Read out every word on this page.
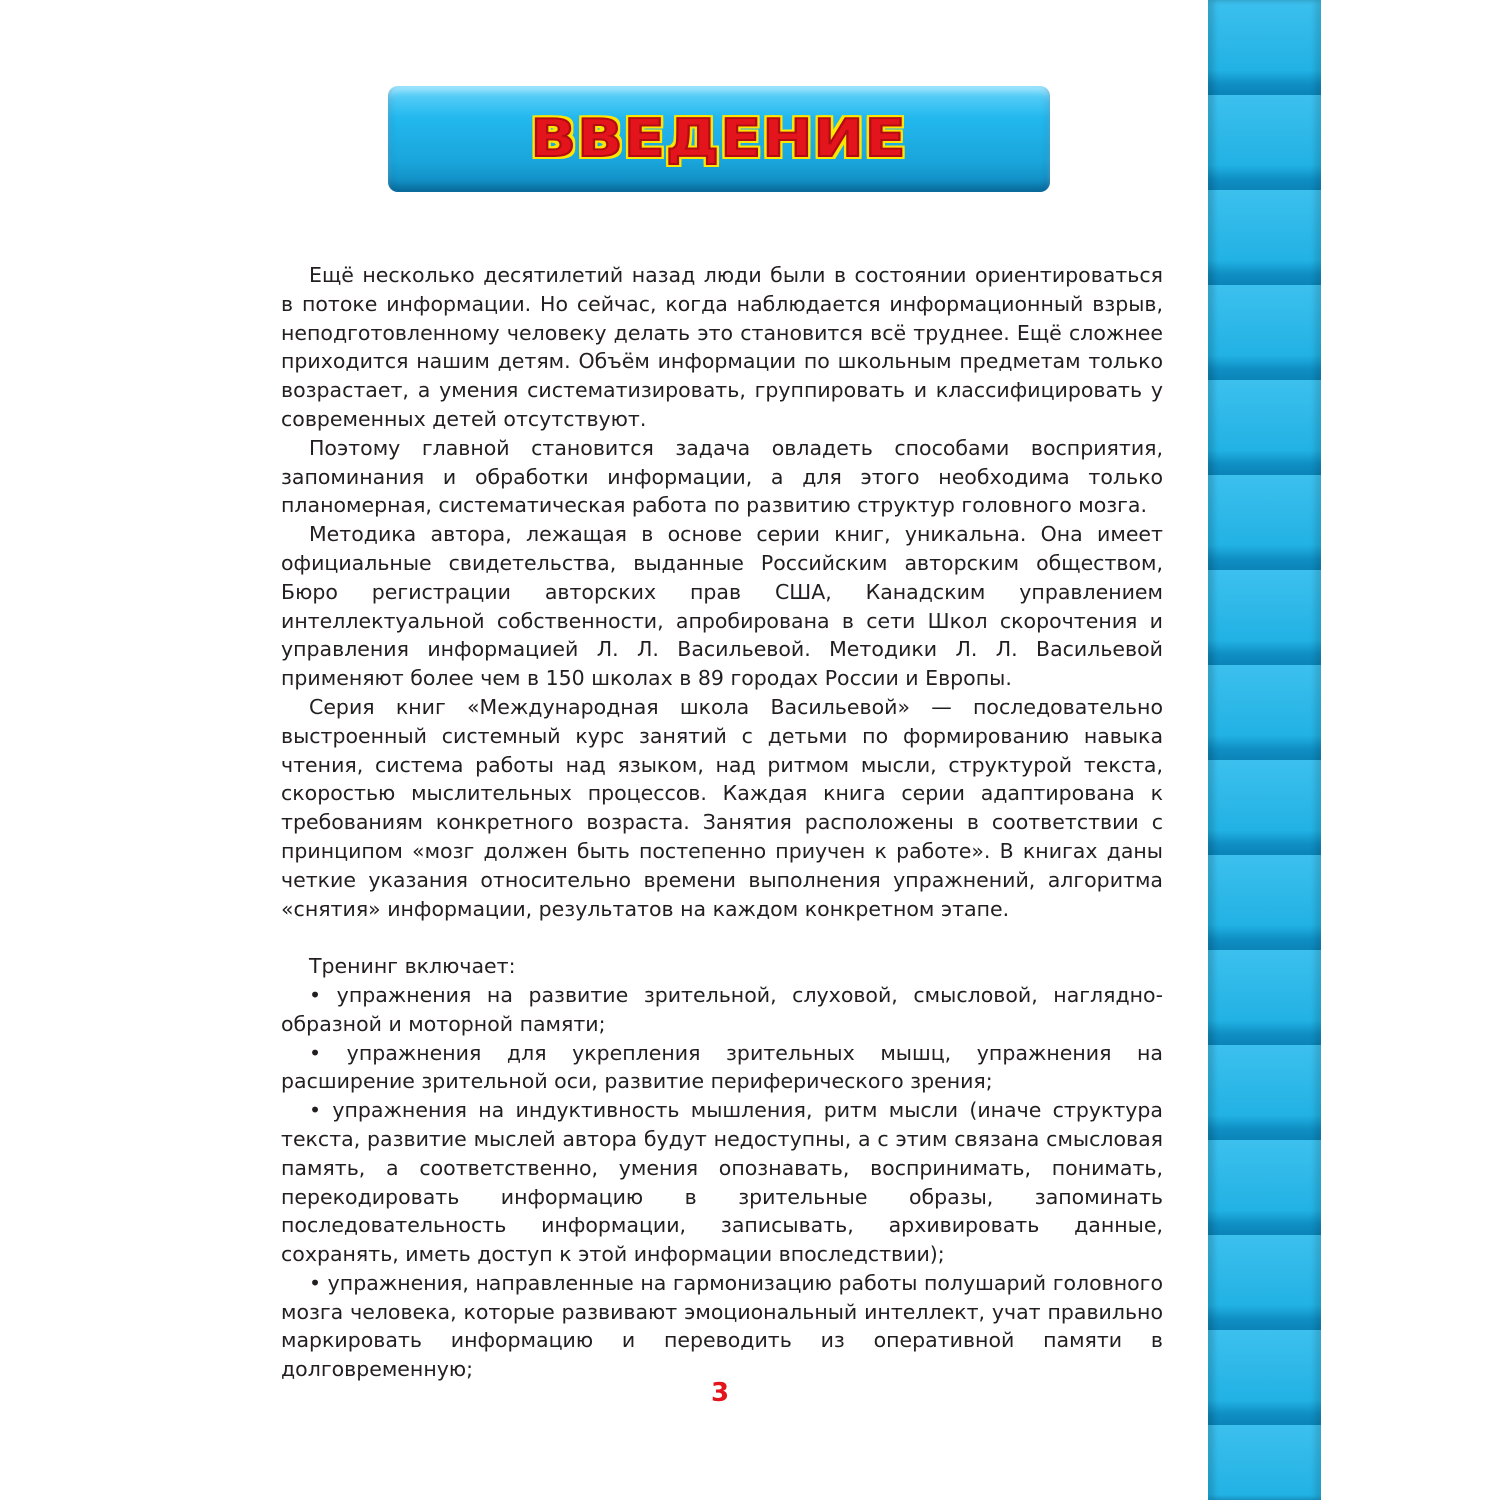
ВВЕДЕНИЕ

Ещё несколько десятилетий назад люди были в состоянии ориентироваться в потоке информации. Но сейчас, когда наблюдается информационный взрыв, неподготовленному человеку делать это становится всё труднее. Ещё сложнее приходится нашим детям. Объём информации по школьным предметам только возрастает, а умения систематизировать, группировать и классифицировать у современных детей отсутствуют.

Поэтому главной становится задача овладеть способами восприятия, запоминания и обработки информации, а для этого необходима только планомерная, систематическая работа по развитию структур головного мозга.

Методика автора, лежащая в основе серии книг, уникальна. Она имеет официальные свидетельства, выданные Российским авторским обществом, Бюро регистрации авторских прав США, Канадским управлением интеллектуальной собственности, апробирована в сети Школ скорочтения и управления информацией Л. Л. Васильевой. Методики Л. Л. Васильевой применяют более чем в 150 школах в 89 городах России и Европы.

Серия книг «Международная школа Васильевой» — последовательно выстроенный системный курс занятий с детьми по формированию навыка чтения, система работы над языком, над ритмом мысли, структурой текста, скоростью мыслительных процессов. Каждая книга серии адаптирована к требованиям конкретного возраста. Занятия расположены в соответствии с принципом «мозг должен быть постепенно приучен к работе». В книгах даны четкие указания относительно времени выполнения упражнений, алгоритма «снятия» информации, результатов на каждом конкретном этапе.

Тренинг включает:

• упражнения на развитие зрительной, слуховой, смысловой, наглядно-образной и моторной памяти;

• упражнения для укрепления зрительных мышц, упражнения на расширение зрительной оси, развитие периферического зрения;

• упражнения на индуктивность мышления, ритм мысли (иначе структура текста, развитие мыслей автора будут недоступны, а с этим связана смысловая память, а соответственно, умения опознавать, воспринимать, понимать, перекодировать информацию в зрительные образы, запоминать последовательность информации, записывать, архивировать данные, сохранять, иметь доступ к этой информации впоследствии);

• упражнения, направленные на гармонизацию работы полушарий головного мозга человека, которые развивают эмоциональный интеллект, учат правильно маркировать информацию и переводить из оперативной памяти в долговременную;

3
